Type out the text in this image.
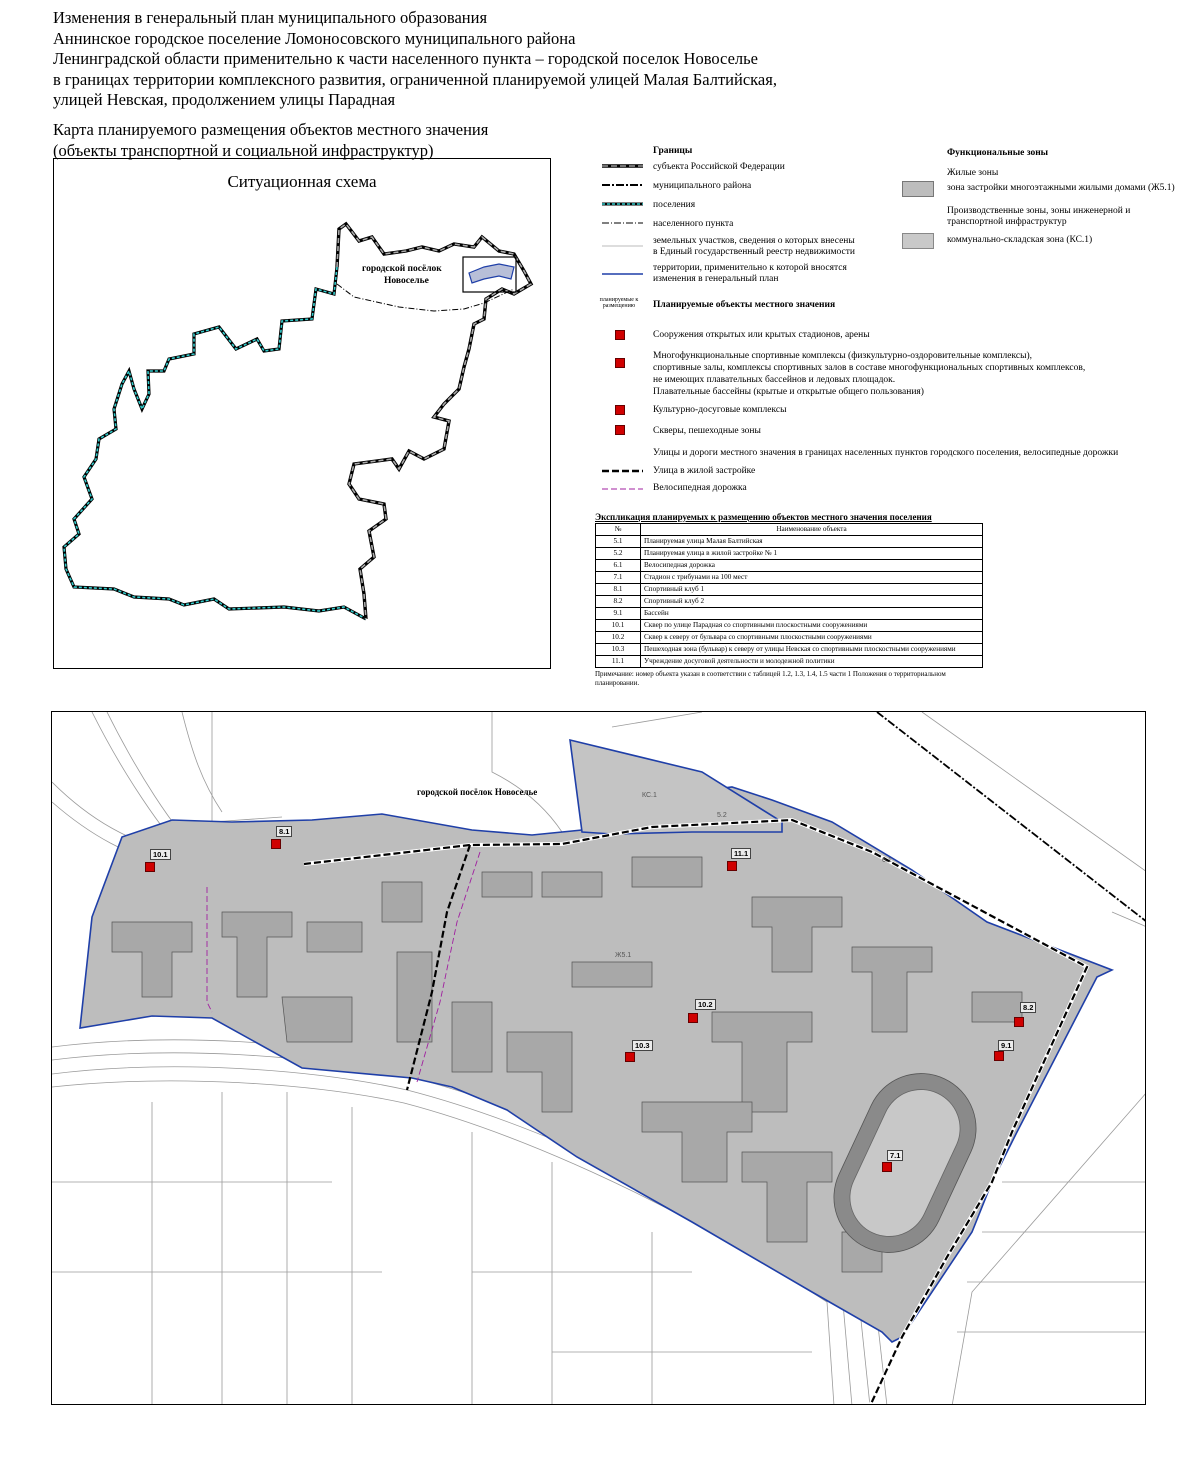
Изменения в генеральный план муниципального образования
Аннинское городское поселение Ломоносовского муниципального района
Ленинградской области применительно к части населенного пункта – городской поселок Новоселье
в границах территории комплексного развития, ограниченной планируемой улицей Малая Балтийская,
улицей Невская, продолжением улицы Парадная
Карта планируемого размещения объектов местного значения
(объекты транспортной и социальной инфраструктур)
Ситуационная схема
городской посёлок
Новоселье
Границы
субъекта Российской Федерации
муниципального района
поселения
населенного пункта
земельных участков, сведения о которых внесены
в Единый государственный реестр недвижимости
территории, применительно к которой вносятся
изменения в генеральный план
Функциональные зоны
Жилые зоны
зона застройки многоэтажными жилыми домами (Ж5.1)
Производственные зоны, зоны инженерной и
транспортной инфраструктур
коммунально-складская зона (КС.1)
планируемые к
размещению	Планируемые объекты местного значения
Сооружения открытых или крытых стадионов, арены
Многофункциональные спортивные комплексы (физкультурно-оздоровительные комплексы),
спортивные залы, комплексы спортивных залов в составе многофункциональных спортивных комплексов,
не имеющих плавательных бассейнов и ледовых площадок.
Плавательные бассейны (крытые и открытые общего пользования)
Культурно-досуговые комплексы
Скверы, пешеходные зоны
Улицы и дороги местного значения в границах населенных пунктов городского поселения, велосипедные дорожки
Улица в жилой застройке
Велосипедная дорожка
Экспликация планируемых к размещению объектов местного значения поселения
№	Наименование объекта
5.1	Планируемая улица Малая Балтийская
5.2	Планируемая улица в жилой застройке № 1
6.1	Велосипедная дорожка
7.1	Стадион с трибунами на 100 мест
8.1	Спортивный клуб 1
8.2	Спортивный клуб 2
9.1	Бассейн
10.1	Сквер по улице Парадная со спортивными плоскостными сооружениями
10.2	Сквер к северу от бульвара со спортивными плоскостными сооружениями
10.3	Пешеходная зона (бульвар) к северу от улицы Невская со спортивными плоскостными сооружениями
11.1	Учреждение досуговой деятельности и молодежной политики
Примечание: номер объекта указан в соответствии с таблицей 1.2, 1.3, 1.4, 1.5 части 1 Положения о территориальном планировании.
городской посёлок Новоселье	КС.1
Ж5.1
5.2
6.1
10.1
8.1
11.1
10.2
10.3
8.2
9.1
7.1
